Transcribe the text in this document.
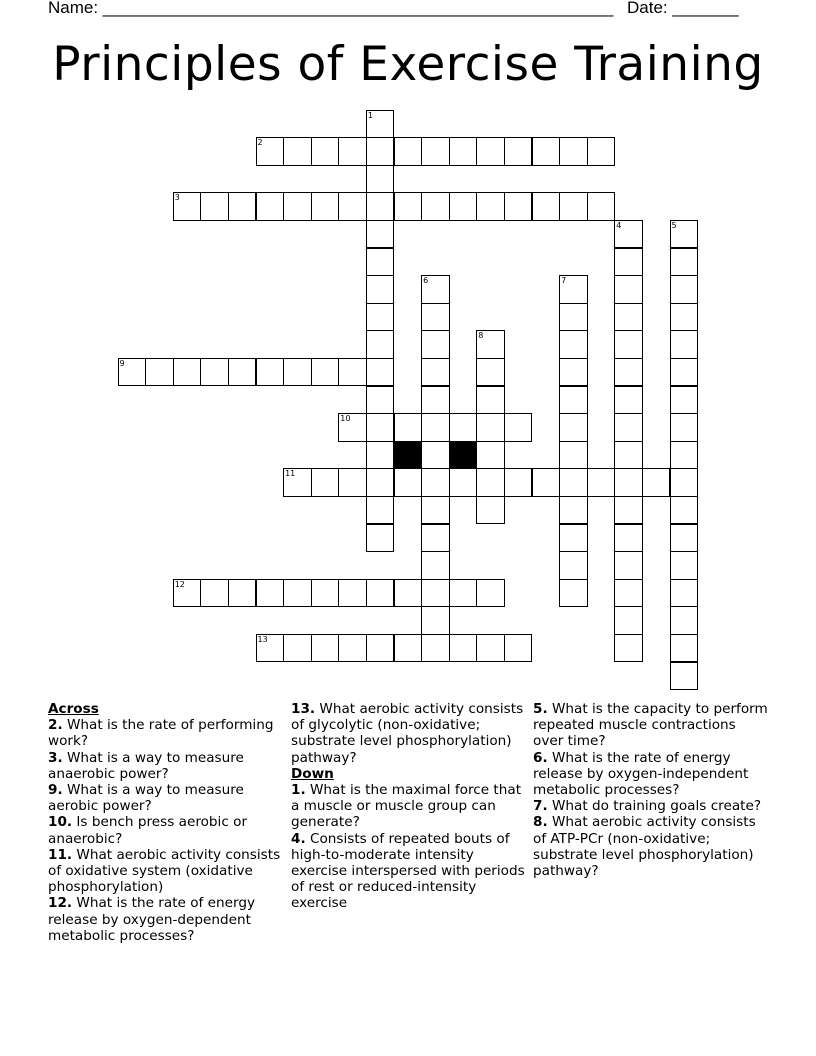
Name: ______________________________________________________ Date: _______
Principles of Exercise Training
1
2
3
4	5
6	7
8
9
10
11
12
13
Across
2. What is the rate of performing work?
3. What is a way to measure anaerobic power?
9. What is a way to measure aerobic power?
10. Is bench press aerobic or anaerobic?
11. What aerobic activity consists of oxidative system (oxidative phosphorylation)
12. What is the rate of energy release by oxygen-dependent metabolic processes?
13. What aerobic activity consists of glycolytic (non-oxidative; substrate level phosphorylation) pathway?
Down
1. What is the maximal force that a muscle or muscle group can generate?
4. Consists of repeated bouts of high-to-moderate intensity exercise interspersed with periods of rest or reduced-intensity exercise
5. What is the capacity to perform repeated muscle contractions over time?
6. What is the rate of energy release by oxygen-independent metabolic processes?
7. What do training goals create?
8. What aerobic activity consists of ATP-PCr (non-oxidative; substrate level phosphorylation) pathway?
